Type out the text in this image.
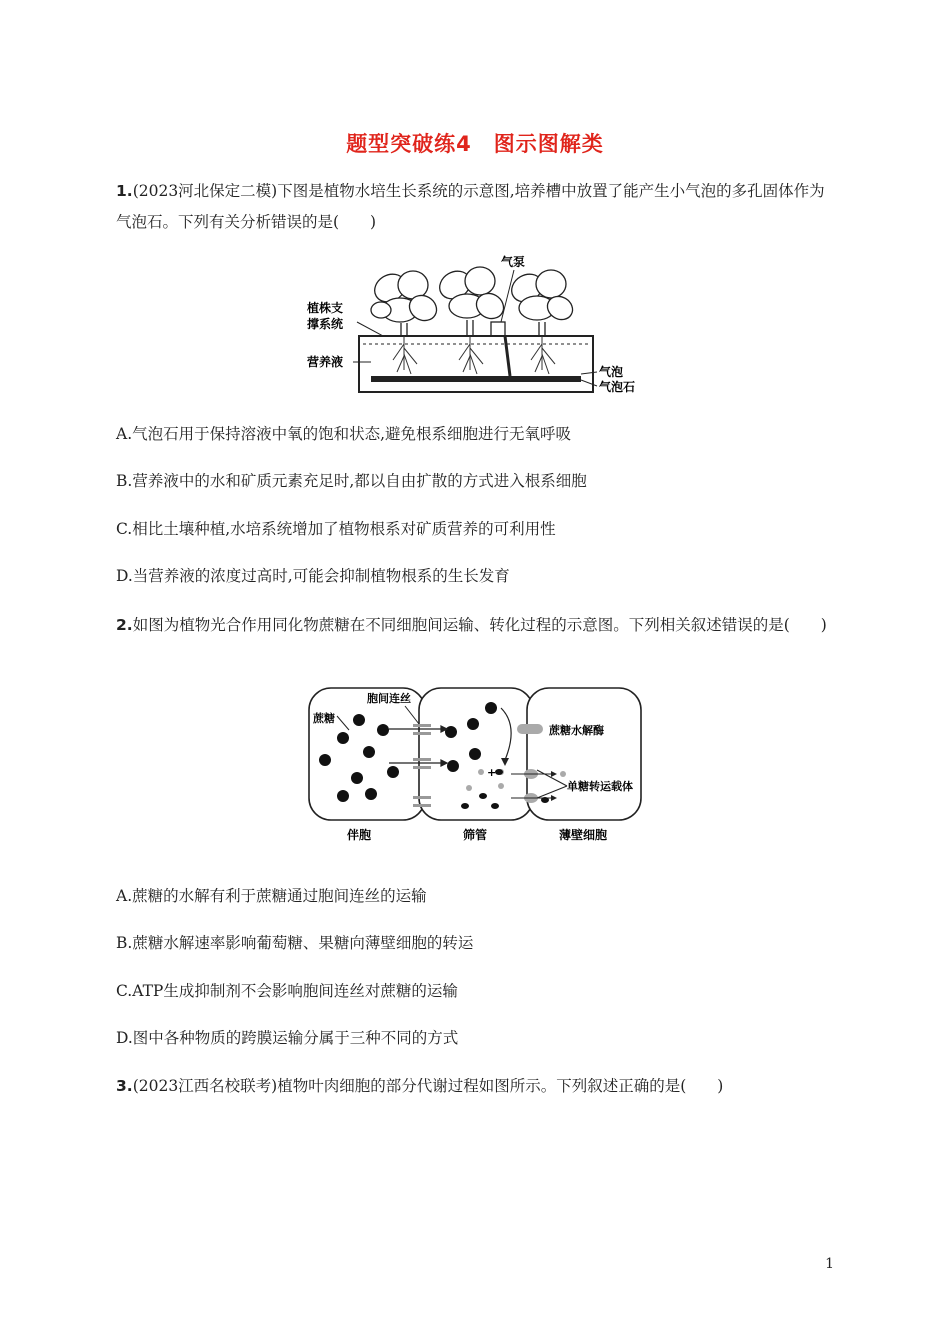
题型突破练4　图示图解类
1.(2023河北保定二模)下图是植物水培生长系统的示意图,培养槽中放置了能产生小气泡的多孔固体作为气泡石。下列有关分析错误的是(　　)
气泵
植株支
撑系统
营养液
气泡
气泡石
A.气泡石用于保持溶液中氧的饱和状态,避免根系细胞进行无氧呼吸
B.营养液中的水和矿质元素充足时,都以自由扩散的方式进入根系细胞
C.相比土壤种植,水培系统增加了植物根系对矿质营养的可利用性
D.当营养液的浓度过高时,可能会抑制植物根系的生长发育
2.如图为植物光合作用同化物蔗糖在不同细胞间运输、转化过程的示意图。下列相关叙述错误的是(　　)
蔗糖水解酶
+
单糖转运载体
蔗糖
胞间连丝
伴胞	筛管	薄壁细胞
A.蔗糖的水解有利于蔗糖通过胞间连丝的运输
B.蔗糖水解速率影响葡萄糖、果糖向薄壁细胞的转运
C.ATP生成抑制剂不会影响胞间连丝对蔗糖的运输
D.图中各种物质的跨膜运输分属于三种不同的方式
3.(2023江西名校联考)植物叶肉细胞的部分代谢过程如图所示。下列叙述正确的是(　　)
1
